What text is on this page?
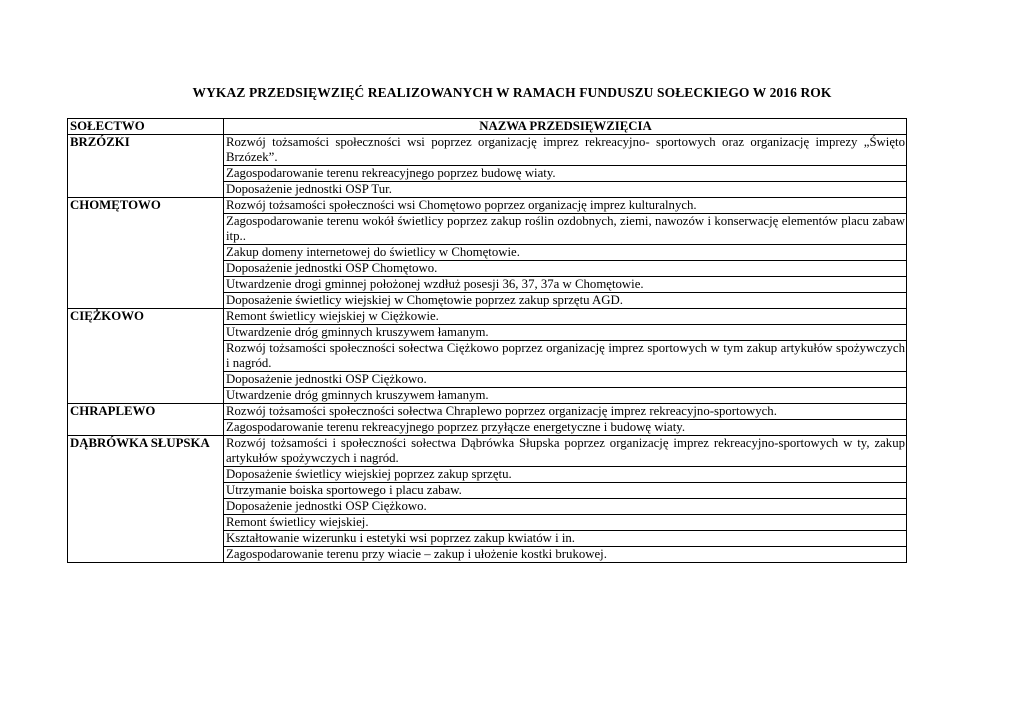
WYKAZ PRZEDSIĘWZIĘĆ REALIZOWANYCH W RAMACH FUNDUSZU SOŁECKIEGO W 2016 ROK
SOŁECTWO	NAZWA PRZEDSIĘWZIĘCIA
BRZÓZKI	Rozwój tożsamości społeczności wsi poprzez organizację imprez rekreacyjno- sportowych oraz organizację imprezy „Święto Brzózek”.
	Zagospodarowanie terenu rekreacyjnego poprzez budowę wiaty.
	Doposażenie jednostki OSP Tur.
CHOMĘTOWO	Rozwój tożsamości społeczności wsi Chomętowo poprzez organizację imprez kulturalnych.
	Zagospodarowanie terenu wokół świetlicy poprzez zakup roślin ozdobnych, ziemi, nawozów i konserwację elementów placu zabaw itp..
	Zakup domeny internetowej do świetlicy w Chomętowie.
	Doposażenie jednostki OSP Chomętowo.
	Utwardzenie drogi gminnej położonej wzdłuż posesji 36, 37, 37a w Chomętowie.
	Doposażenie świetlicy wiejskiej w Chomętowie poprzez zakup sprzętu AGD.
CIĘŻKOWO	Remont świetlicy wiejskiej w Ciężkowie.
	Utwardzenie dróg gminnych kruszywem łamanym.
	Rozwój tożsamości społeczności sołectwa Ciężkowo poprzez organizację imprez sportowych w tym zakup artykułów spożywczych i nagród.
	Doposażenie jednostki OSP Ciężkowo.
	Utwardzenie dróg gminnych kruszywem łamanym.
CHRAPLEWO	Rozwój tożsamości społeczności sołectwa Chraplewo poprzez organizację imprez rekreacyjno-sportowych.
	Zagospodarowanie terenu rekreacyjnego poprzez przyłącze energetyczne i budowę wiaty.
DĄBRÓWKA SŁUPSKA	Rozwój tożsamości i społeczności sołectwa Dąbrówka Słupska poprzez organizację imprez rekreacyjno-sportowych w ty, zakup artykułów spożywczych i nagród.
	Doposażenie świetlicy wiejskiej poprzez zakup sprzętu.
	Utrzymanie boiska sportowego i placu zabaw.
	Doposażenie jednostki OSP Ciężkowo.
	Remont świetlicy wiejskiej.
	Kształtowanie wizerunku i estetyki wsi poprzez zakup kwiatów i in.
	Zagospodarowanie terenu przy wiacie – zakup i ułożenie kostki brukowej.
